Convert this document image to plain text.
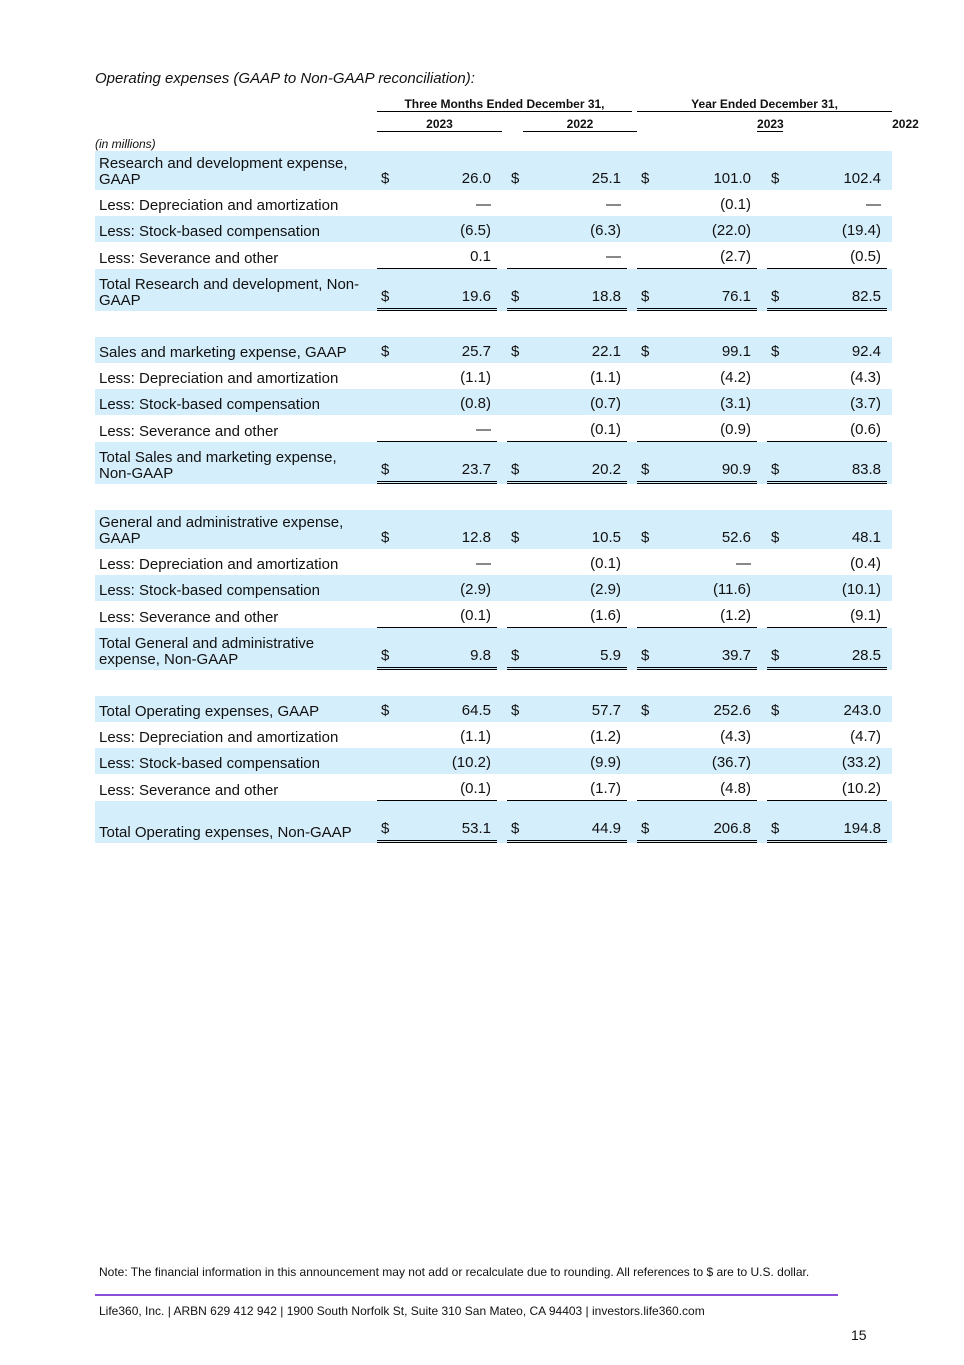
Operating expenses (GAAP to Non-GAAP reconciliation):
		Three Months Ended December 31,								Year Ended December 31,							
		2023					2022					2023					2022	
(in millions)																	
Research and development expense, GAAP		$	26.0			$	25.1			$	101.0			$	102.4		
Less: Depreciation and amortization			—				—				(0.1)				—		
Less: Stock-based compensation			(6.5)				(6.3)				(22.0)				(19.4)		
Less: Severance and other			0.1				—				(2.7)				(0.5)		
Total Research and development, Non-GAAP		$	19.6			$	18.8			$	76.1			$	82.5		

Sales and marketing expense, GAAP		$	25.7			$	22.1			$	99.1			$	92.4		
Less: Depreciation and amortization			(1.1)				(1.1)				(4.2)				(4.3)		
Less: Stock-based compensation			(0.8)				(0.7)				(3.1)				(3.7)		
Less: Severance and other			—				(0.1)				(0.9)				(0.6)		
Total Sales and marketing expense, Non-GAAP		$	23.7			$	20.2			$	90.9			$	83.8		

General and administrative expense, GAAP		$	12.8			$	10.5			$	52.6			$	48.1		
Less: Depreciation and amortization			—				(0.1)				—				(0.4)		
Less: Stock-based compensation			(2.9)				(2.9)				(11.6)				(10.1)		
Less: Severance and other			(0.1)				(1.6)				(1.2)				(9.1)		
Total General and administrative expense, Non-GAAP		$	9.8			$	5.9			$	39.7			$	28.5		

Total Operating expenses, GAAP		$	64.5			$	57.7			$	252.6			$	243.0		
Less: Depreciation and amortization			(1.1)				(1.2)				(4.3)				(4.7)		
Less: Stock-based compensation			(10.2)				(9.9)				(36.7)				(33.2)		
Less: Severance and other			(0.1)				(1.7)				(4.8)				(10.2)		
Total Operating expenses, Non-GAAP		$	53.1			$	44.9			$	206.8			$	194.8		
Note: The financial information in this announcement may not add or recalculate due to rounding. All references to $ are to U.S. dollar.
Life360, Inc. | ARBN 629 412 942 | 1900 South Norfolk St, Suite 310 San Mateo, CA 94403 | investors.life360.com
15
